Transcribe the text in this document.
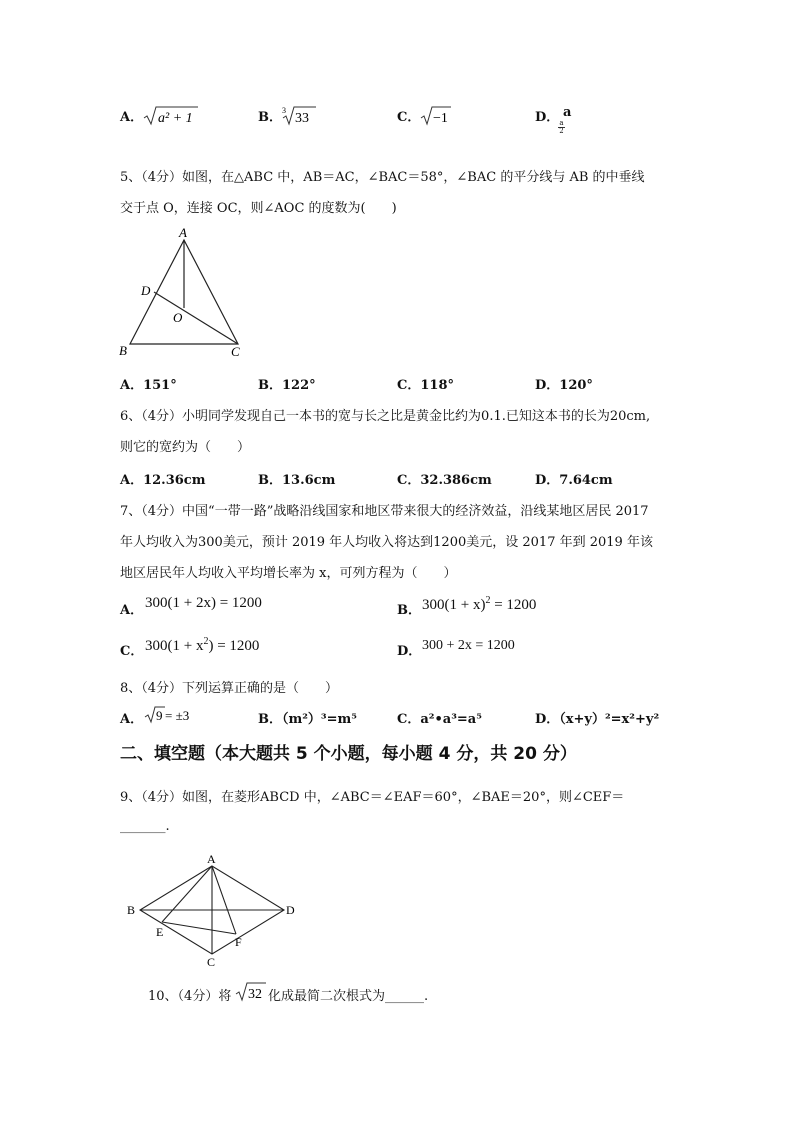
A． a² + 1	B． 3
33	C． −1	D． a
a
2
5、（4分）如图，在△ABC 中，AB＝AC，∠BAC＝58°，∠BAC 的平分线与 AB 的中垂线
交于点 O，连接 OC，则∠AOC 的度数为(　　)
A
B	C
D
O
A．151°	B．122°	C．118°	D．120°
6、（4分）小明同学发现自己一本书的宽与长之比是黄金比约为0.1.已知这本书的长为20cm,
则它的宽约为（　　）
A．12.36cm	B．13.6cm	C．32.386cm	D．7.64cm
7、（4分）中国“一带一路”战略沿线国家和地区带来很大的经济效益，沿线某地区居民 2017
年人均收入为300美元，预计 2019 年人均收入将达到1200美元，设 2017 年到 2019 年该
地区居民年人均收入平均增长率为 x，可列方程为（　　）
A． 300(1 + 2x) = 1200	B． $300(1 + x)^2 = 1200$
C． $300(1 + x^2) = 1200$	D． 300 + 2x = 1200
8、（4分）下列运算正确的是（　　）
A． 9 = ±3	B．（m²）³=m⁵	C．a²•a³=a⁵	D．（x+y）²=x²+y²
二、填空题（本大题共 5 个小题，每小题 4 分，共 20 分）
9、（4分）如图，在菱形ABCD 中，∠ABC＝∠EAF＝60°，∠BAE＝20°，则∠CEF＝
_______.
A
B
C
D
E
F
10、（4分）将 32 化成最简二次根式为______.
